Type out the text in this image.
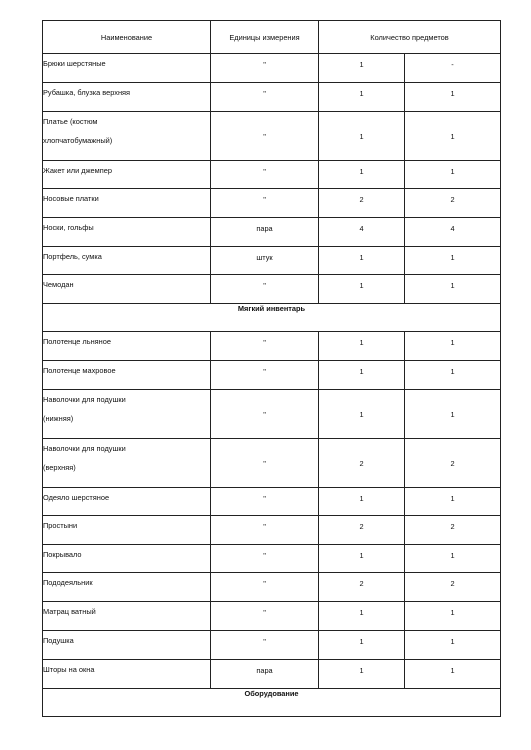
Наименование	Единицы измерения	Количество предметов	

Брюки шерстяные	"	1	-

Рубашка, блузка верхняя	"	1	1

Платье (костюм
хлопчатобумажный)	"	1	1

Жакет или джемпер	"	1	1

Носовые платки	"	2	2

Носки, гольфы	пара	4	4

Портфель, сумка	штук	1	1

Чемодан	"	1	1
Мягкий инвентарь			

Полотенце льняное	"	1	1

Полотенце махровое	"	1	1

Наволочки для подушки
(нижняя)	"	1	1

Наволочки для подушки
(верхняя)	"	2	2

Одеяло шерстяное	"	1	1

Простыни	"	2	2

Покрывало	"	1	1

Пододеяльник	"	2	2

Матрац ватный	"	1	1

Подушка	"	1	1

Шторы на окна	пара	1	1
Оборудование			
